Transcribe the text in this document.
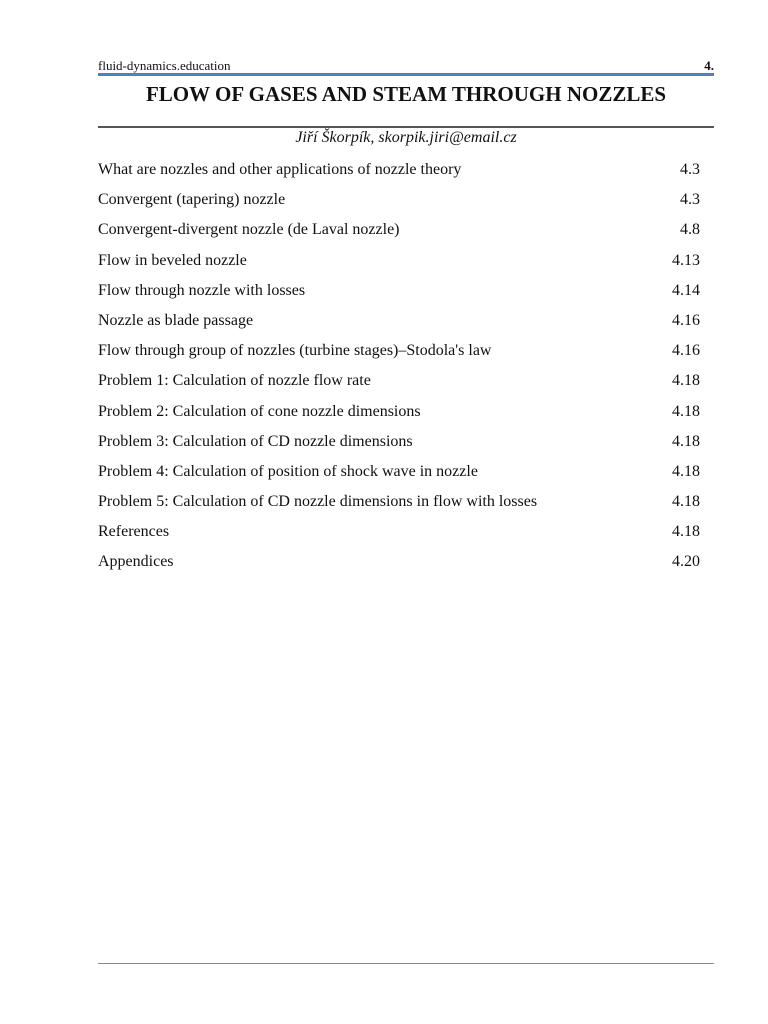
fluid-dynamics.education	4.
FLOW OF GASES AND STEAM THROUGH NOZZLES
Jiří Škorpík, skorpik.jiri@email.cz
What are nozzles and other applications of nozzle theory	4.3
Convergent (tapering) nozzle	4.3
Convergent-divergent nozzle (de Laval nozzle)	4.8
Flow in beveled nozzle	4.13
Flow through nozzle with losses	4.14
Nozzle as blade passage	4.16
Flow through group of nozzles (turbine stages)–Stodola's law	4.16
Problem 1: Calculation of nozzle flow rate	4.18
Problem 2: Calculation of cone nozzle dimensions	4.18
Problem 3: Calculation of CD nozzle dimensions	4.18
Problem 4: Calculation of position of shock wave in nozzle	4.18
Problem 5: Calculation of CD nozzle dimensions in flow with losses	4.18
References	4.18
Appendices	4.20
